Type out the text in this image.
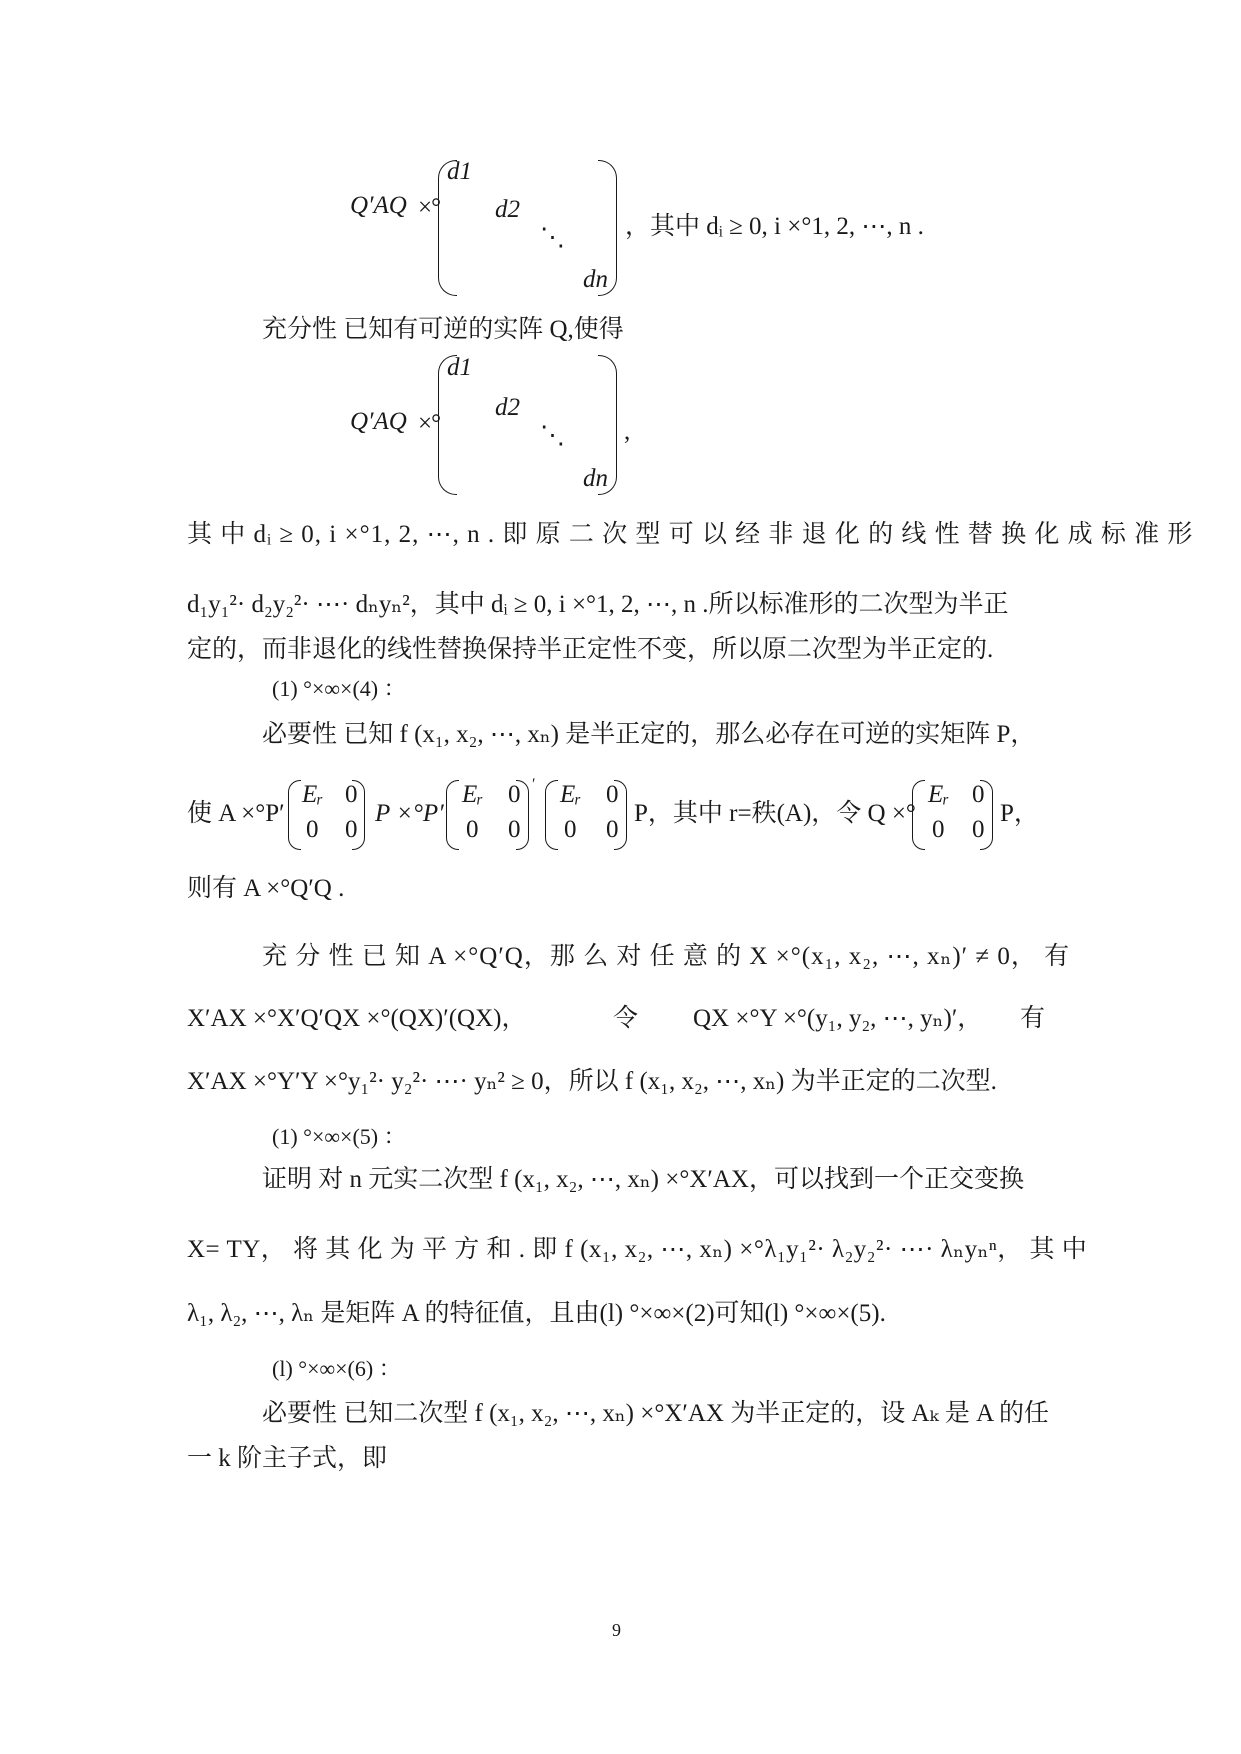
Q′AQ ×°
d1
d2
⋱
dn
，其中 dᵢ ≥ 0, i ×°1, 2, ⋯, n .
充分性 已知有可逆的实阵 Q,使得
Q′AQ ×°
d1
d2
⋱
dn
,
其 中 dᵢ ≥ 0, i ×°1, 2, ⋯, n . 即 原 二 次 型 可 以 经 非 退 化 的 线 性 替 换 化 成 标 准 形
d₁y₁²· d₂y₂²· ⋯· dₙyₙ²，其中 dᵢ ≥ 0, i ×°1, 2, ⋯, n .所以标准形的二次型为半正
定的，而非退化的线性替换保持半正定性不变，所以原二次型为半正定的.
(1) °×∞×(4) ：
必要性 已知 f (x₁, x₂, ⋯, xₙ) 是半正定的，那么必存在可逆的实矩阵 P，
使 A ×°P′
Eᵣ 0
0 0
P ×°P′
Eᵣ 0
0 0
′ Eᵣ 0
0 0
P，其中 r=秩(A)，令 Q ×°
Eᵣ 0
0 0
P，
则有 A ×°Q′Q .
充 分 性 已 知 A ×°Q′Q，那 么 对 任 意 的 X ×°(x₁, x₂, ⋯, xₙ)′ ≠ 0， 有
X′AX ×°X′Q′QX ×°(QX)′(QX)，	令 QX ×°Y ×°(y₁, y₂, ⋯, yₙ)′， 有
X′AX ×°Y′Y ×°y₁²· y₂²· ⋯· yₙ² ≥ 0，所以 f (x₁, x₂, ⋯, xₙ) 为半正定的二次型.
(1) °×∞×(5) ：
证明 对 n 元实二次型 f (x₁, x₂, ⋯, xₙ) ×°X′AX，可以找到一个正交变换
X= TY， 将 其 化 为 平 方 和 . 即 f (x₁, x₂, ⋯, xₙ) ×°λ₁y₁²· λ₂y₂²· ⋯· λₙyₙⁿ， 其 中
λ₁, λ₂, ⋯, λₙ 是矩阵 A 的特征值，且由(l) °×∞×(2)可知(l) °×∞×(5).
(l) °×∞×(6) ：
必要性 已知二次型 f (x₁, x₂, ⋯, xₙ) ×°X′AX 为半正定的，设 Aₖ 是 A 的任
一 k 阶主子式，即
9
